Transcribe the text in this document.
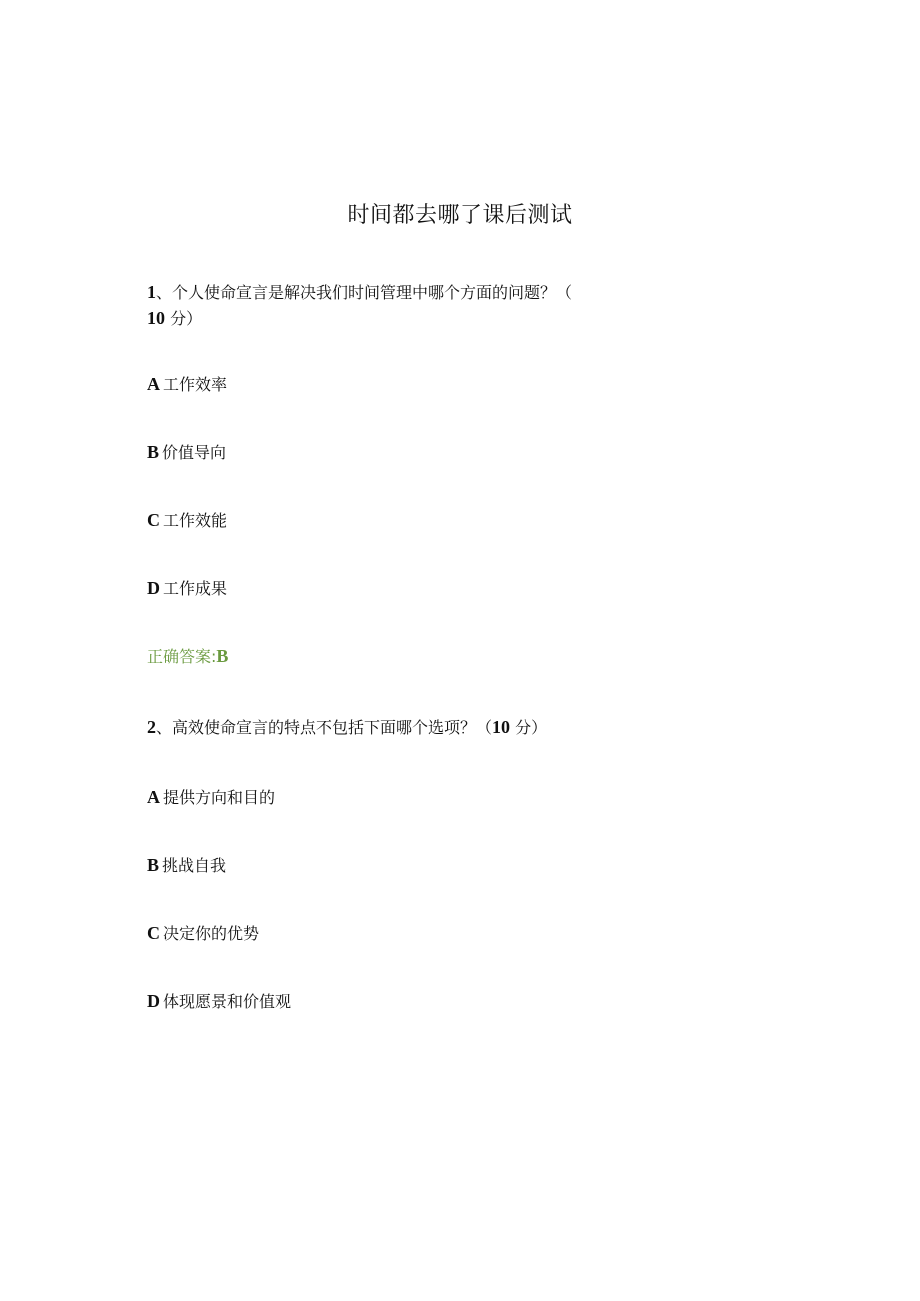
时间都去哪了课后测试
1、个人使命宣言是解决我们时间管理中哪个方面的问题？（
10 分）
A 工作效率
B 价值导向
C 工作效能
D 工作成果
正确答案:B
2、高效使命宣言的特点不包括下面哪个选项？（10 分）
A 提供方向和目的
B 挑战自我
C 决定你的优势
D 体现愿景和价值观
